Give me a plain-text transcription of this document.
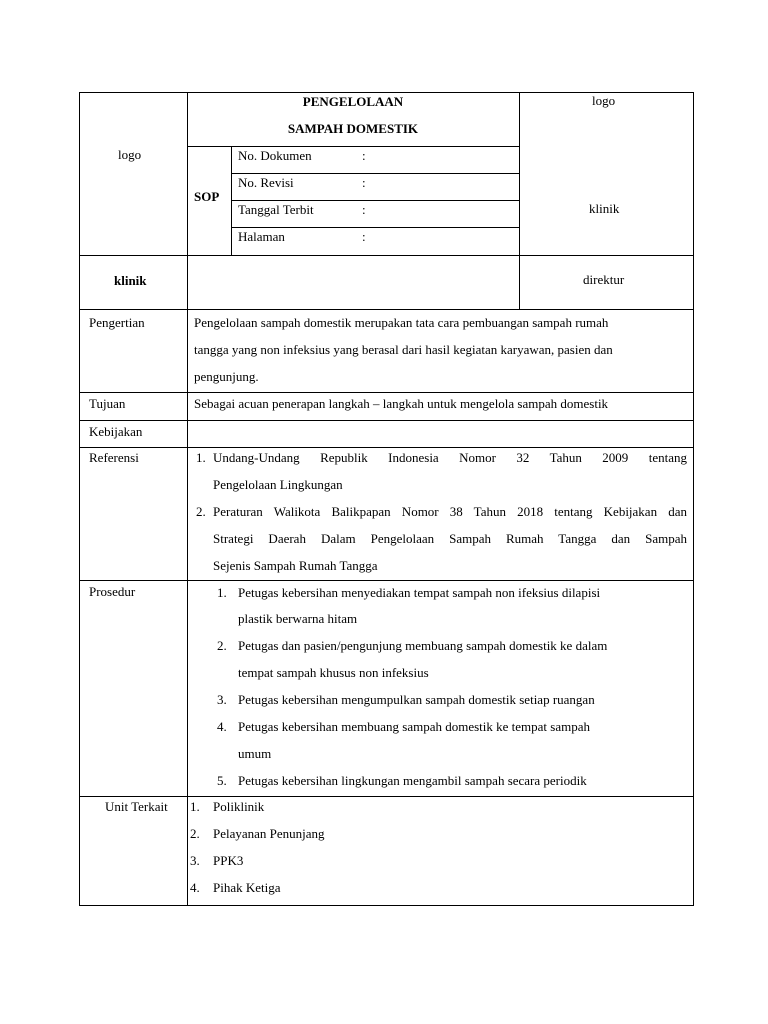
logo
logo
PENGELOLAAN
SAMPAH DOMESTIK
SOP
No. Dokumen	:
No. Revisi	:
Tanggal Terbit	:
Halaman	:
klinik
klinik	direktur
Pengertian	Pengelolaan sampah domestik merupakan tata cara pembuangan sampah rumah
tangga yang non infeksius yang berasal dari hasil kegiatan karyawan, pasien dan
pengunjung.
Tujuan	Sebagai acuan penerapan langkah – langkah untuk mengelola sampah domestik
Kebijakan
Referensi	1. Undang-Undang Republik Indonesia Nomor 32 Tahun 2009 tentang
Pengelolaan Lingkungan
2. Peraturan Walikota Balikpapan Nomor 38 Tahun 2018 tentang Kebijakan dan
Strategi Daerah Dalam Pengelolaan Sampah Rumah Tangga dan Sampah
Sejenis Sampah Rumah Tangga
Prosedur	1. Petugas kebersihan menyediakan tempat sampah non ifeksius dilapisi
plastik berwarna hitam
2. Petugas dan pasien/pengunjung membuang sampah domestik ke dalam
tempat sampah khusus non infeksius
3. Petugas kebersihan mengumpulkan sampah domestik setiap ruangan
4. Petugas kebersihan membuang sampah domestik ke tempat sampah
umum
5. Petugas kebersihan lingkungan mengambil sampah secara periodik
Unit Terkait 1. Poliklinik
2. Pelayanan Penunjang
3. PPK3
4. Pihak Ketiga
